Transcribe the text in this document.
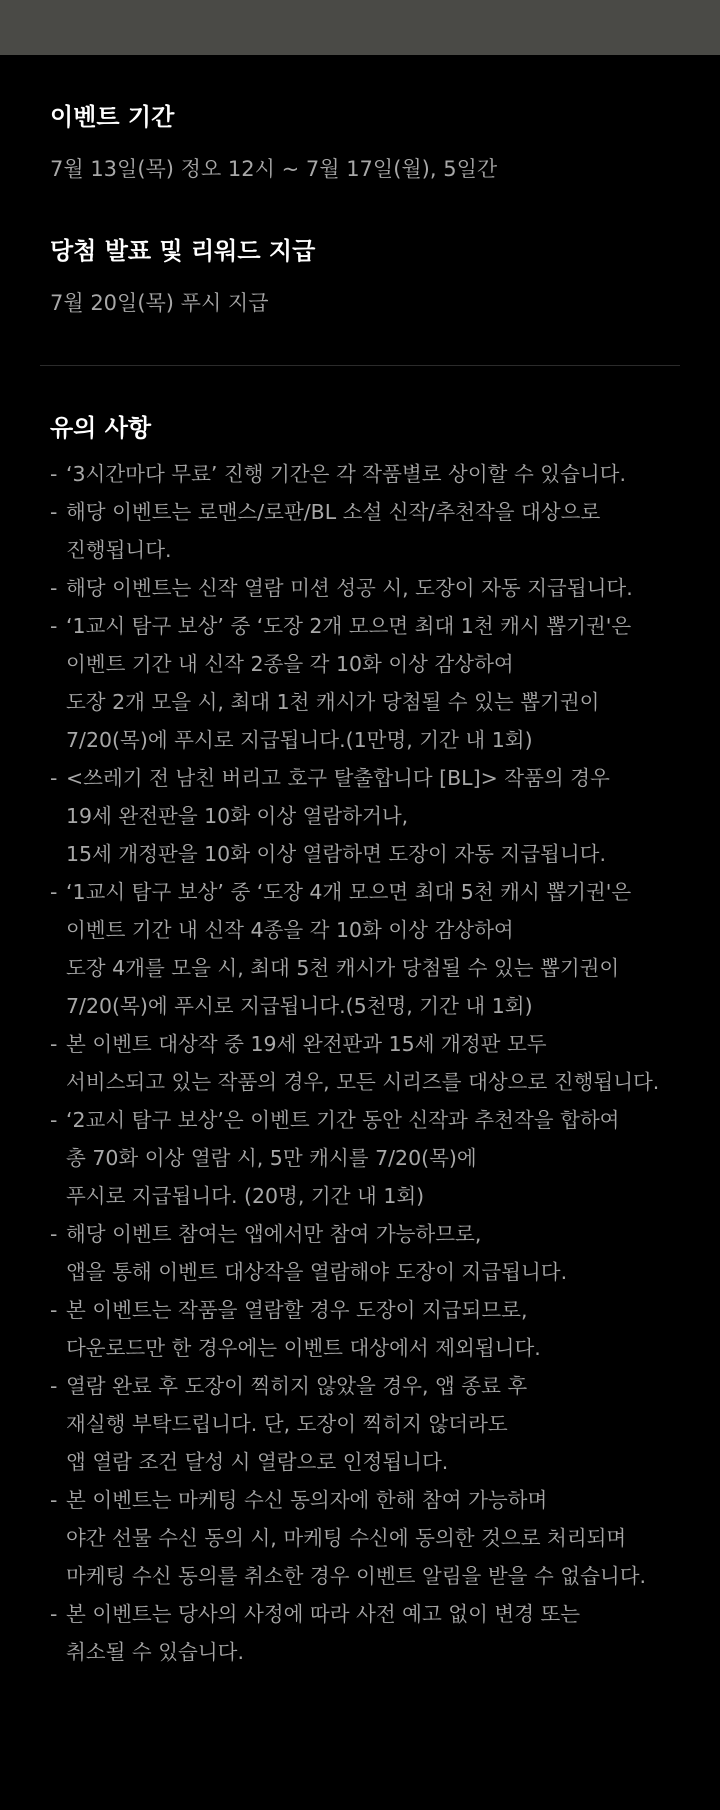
이벤트 기간

7월 13일(목) 정오 12시 ~ 7월 17일(월), 5일간

당첨 발표 및 리워드 지급

7월 20일(목) 푸시 지급

유의 사항
- ‘3시간마다 무료’ 진행 기간은 각 작품별로 상이할 수 있습니다.
- 해당 이벤트는 로맨스/로판/BL 소설 신작/추천작을 대상으로
진행됩니다.
- 해당 이벤트는 신작 열람 미션 성공 시, 도장이 자동 지급됩니다.
- ‘1교시 탐구 보상’ 중 ‘도장 2개 모으면 최대 1천 캐시 뽑기권'은
이벤트 기간 내 신작 2종을 각 10화 이상 감상하여
도장 2개 모을 시, 최대 1천 캐시가 당첨될 수 있는 뽑기권이
7/20(목)에 푸시로 지급됩니다.(1만명, 기간 내 1회)
- <쓰레기 전 남친 버리고 호구 탈출합니다 [BL]> 작품의 경우
19세 완전판을 10화 이상 열람하거나,
15세 개정판을 10화 이상 열람하면 도장이 자동 지급됩니다.
- ‘1교시 탐구 보상’ 중 ‘도장 4개 모으면 최대 5천 캐시 뽑기권'은
이벤트 기간 내 신작 4종을 각 10화 이상 감상하여
도장 4개를 모을 시, 최대 5천 캐시가 당첨될 수 있는 뽑기권이
7/20(목)에 푸시로 지급됩니다.(5천명, 기간 내 1회)
- 본 이벤트 대상작 중 19세 완전판과 15세 개정판 모두
서비스되고 있는 작품의 경우, 모든 시리즈를 대상으로 진행됩니다.
- ‘2교시 탐구 보상’은 이벤트 기간 동안 신작과 추천작을 합하여
총 70화 이상 열람 시, 5만 캐시를 7/20(목)에
푸시로 지급됩니다. (20명, 기간 내 1회)
- 해당 이벤트 참여는 앱에서만 참여 가능하므로,
앱을 통해 이벤트 대상작을 열람해야 도장이 지급됩니다.
- 본 이벤트는 작품을 열람할 경우 도장이 지급되므로,
다운로드만 한 경우에는 이벤트 대상에서 제외됩니다.
- 열람 완료 후 도장이 찍히지 않았을 경우, 앱 종료 후
재실행 부탁드립니다. 단, 도장이 찍히지 않더라도
앱 열람 조건 달성 시 열람으로 인정됩니다.
- 본 이벤트는 마케팅 수신 동의자에 한해 참여 가능하며
야간 선물 수신 동의 시, 마케팅 수신에 동의한 것으로 처리되며
마케팅 수신 동의를 취소한 경우 이벤트 알림을 받을 수 없습니다.
- 본 이벤트는 당사의 사정에 따라 사전 예고 없이 변경 또는
취소될 수 있습니다.
